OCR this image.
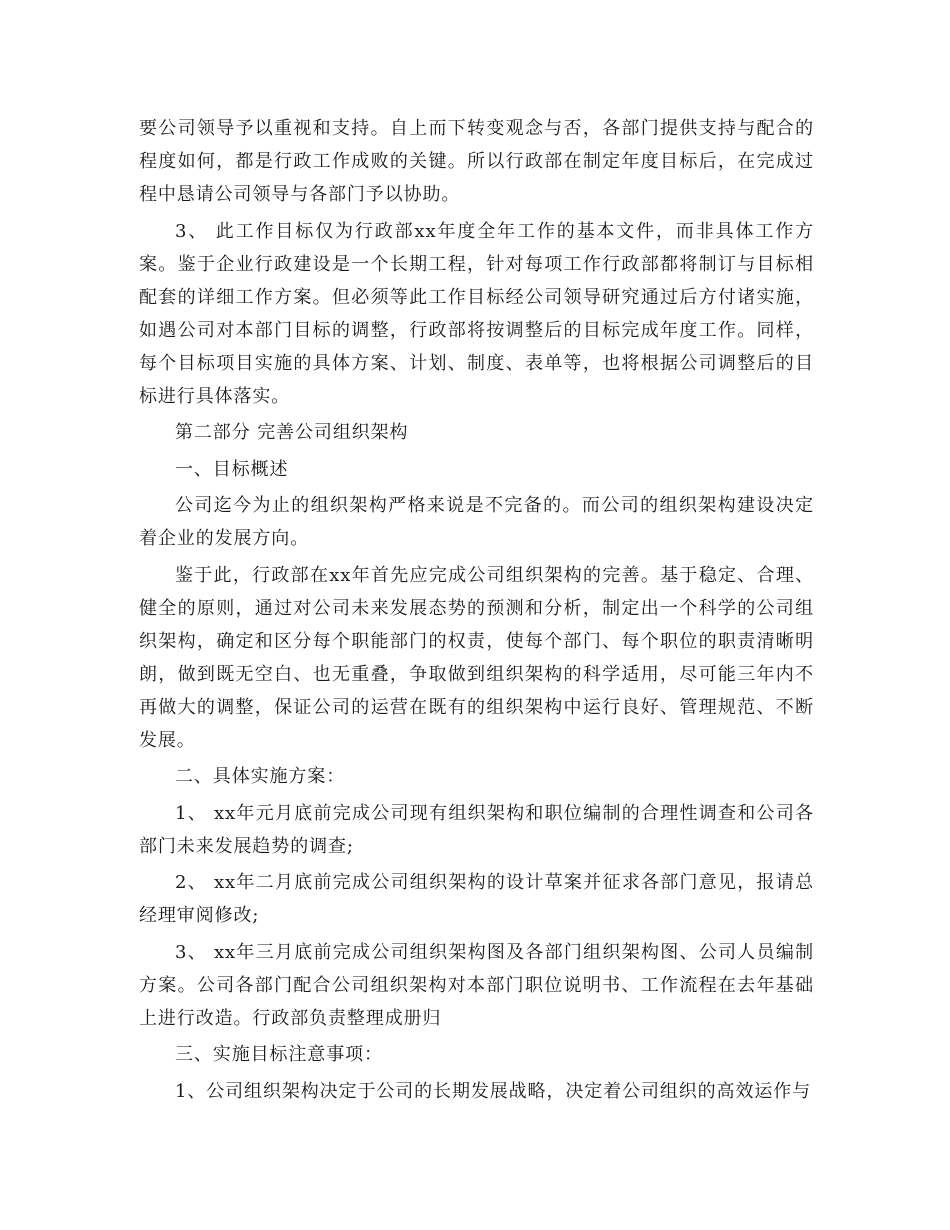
要公司领导予以重视和支持。自上而下转变观念与否，各部门提供支持与配合的程度如何，都是行政工作成败的关键。所以行政部在制定年度目标后，在完成过程中恳请公司领导与各部门予以协助。

3、 此工作目标仅为行政部xx年度全年工作的基本文件，而非具体工作方案。鉴于企业行政建设是一个长期工程，针对每项工作行政部都将制订与目标相配套的详细工作方案。但必须等此工作目标经公司领导研究通过后方付诸实施，如遇公司对本部门目标的调整，行政部将按调整后的目标完成年度工作。同样，每个目标项目实施的具体方案、计划、制度、表单等，也将根据公司调整后的目标进行具体落实。

第二部分 完善公司组织架构

一、目标概述

公司迄今为止的组织架构严格来说是不完备的。而公司的组织架构建设决定着企业的发展方向。

鉴于此，行政部在xx年首先应完成公司组织架构的完善。基于稳定、合理、健全的原则，通过对公司未来发展态势的预测和分析，制定出一个科学的公司组织架构，确定和区分每个职能部门的权责，使每个部门、每个职位的职责清晰明朗，做到既无空白、也无重叠，争取做到组织架构的科学适用，尽可能三年内不再做大的调整，保证公司的运营在既有的组织架构中运行良好、管理规范、不断发展。

二、具体实施方案：

1、 xx年元月底前完成公司现有组织架构和职位编制的合理性调查和公司各部门未来发展趋势的调查;

2、 xx年二月底前完成公司组织架构的设计草案并征求各部门意见，报请总经理审阅修改;

3、 xx年三月底前完成公司组织架构图及各部门组织架构图、公司人员编制方案。公司各部门配合公司组织架构对本部门职位说明书、工作流程在去年基础上进行改造。行政部负责整理成册归

三、实施目标注意事项：

1、公司组织架构决定于公司的长期发展战略，决定着公司组织的高效运作与
